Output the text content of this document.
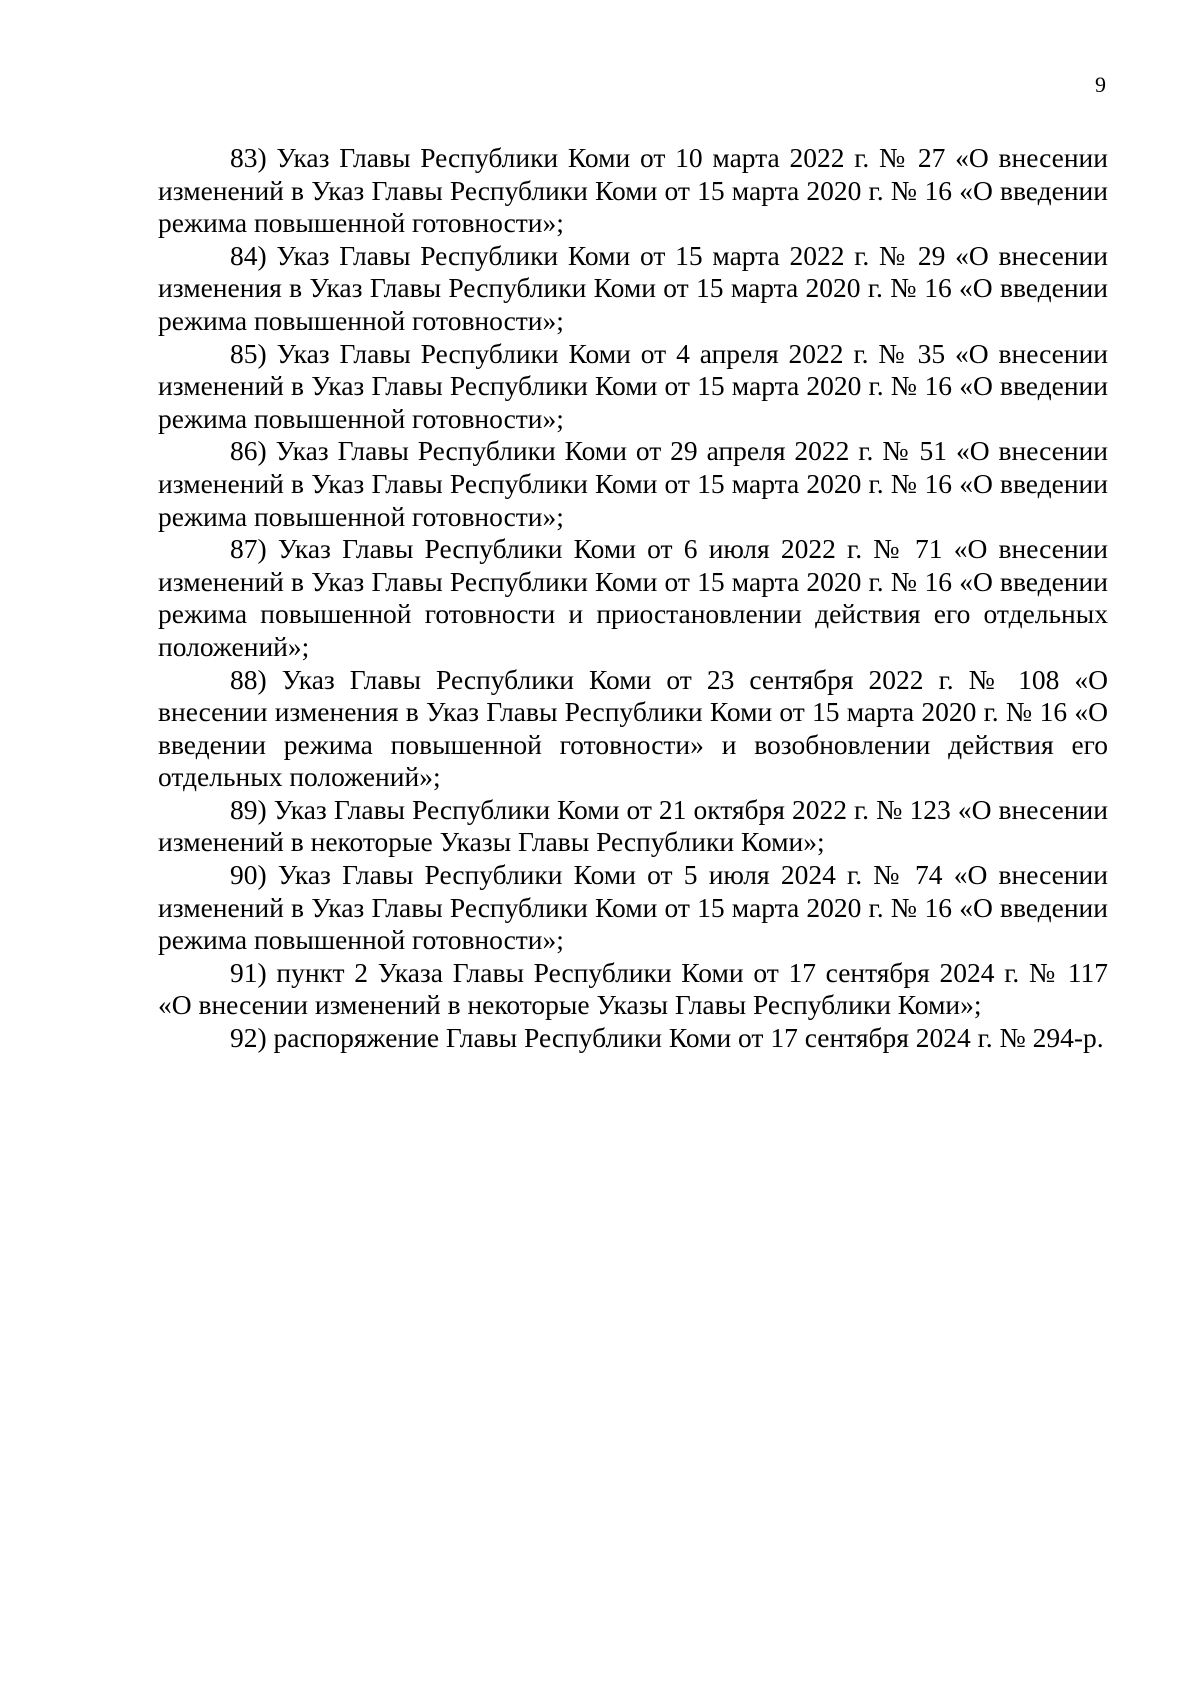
9

83) Указ Главы Республики Коми от 10 марта 2022 г. № 27 «О внесении изменений в Указ Главы Республики Коми от 15 марта 2020 г. № 16 «О введении режима повышенной готовности»;

84) Указ Главы Республики Коми от 15 марта 2022 г. № 29 «О внесении изменения в Указ Главы Республики Коми от 15 марта 2020 г. № 16 «О введении режима повышенной готовности»;

85) Указ Главы Республики Коми от 4 апреля 2022 г. № 35 «О внесении изменений в Указ Главы Республики Коми от 15 марта 2020 г. № 16 «О введении режима повышенной готовности»;

86) Указ Главы Республики Коми от 29 апреля 2022 г. № 51 «О внесении изменений в Указ Главы Республики Коми от 15 марта 2020 г. № 16 «О введении режима повышенной готовности»;

87) Указ Главы Республики Коми от 6 июля 2022 г. № 71 «О внесении изменений в Указ Главы Республики Коми от 15 марта 2020 г. № 16 «О введении режима повышенной готовности и приостановлении действия его отдельных положений»;

88) Указ Главы Республики Коми от 23 сентября 2022 г. № 108 «О внесении изменения в Указ Главы Республики Коми от 15 марта 2020 г. № 16 «О введении режима повышенной готовности» и возобновлении действия его отдельных положений»;

89) Указ Главы Республики Коми от 21 октября 2022 г. № 123 «О внесении изменений в некоторые Указы Главы Республики Коми»;

90) Указ Главы Республики Коми от 5 июля 2024 г. № 74 «О внесении изменений в Указ Главы Республики Коми от 15 марта 2020 г. № 16 «О введении режима повышенной готовности»;

91) пункт 2 Указа Главы Республики Коми от 17 сентября 2024 г. № 117 «О внесении изменений в некоторые Указы Главы Республики Коми»;

92) распоряжение Главы Республики Коми от 17 сентября 2024 г. № 294-р.
